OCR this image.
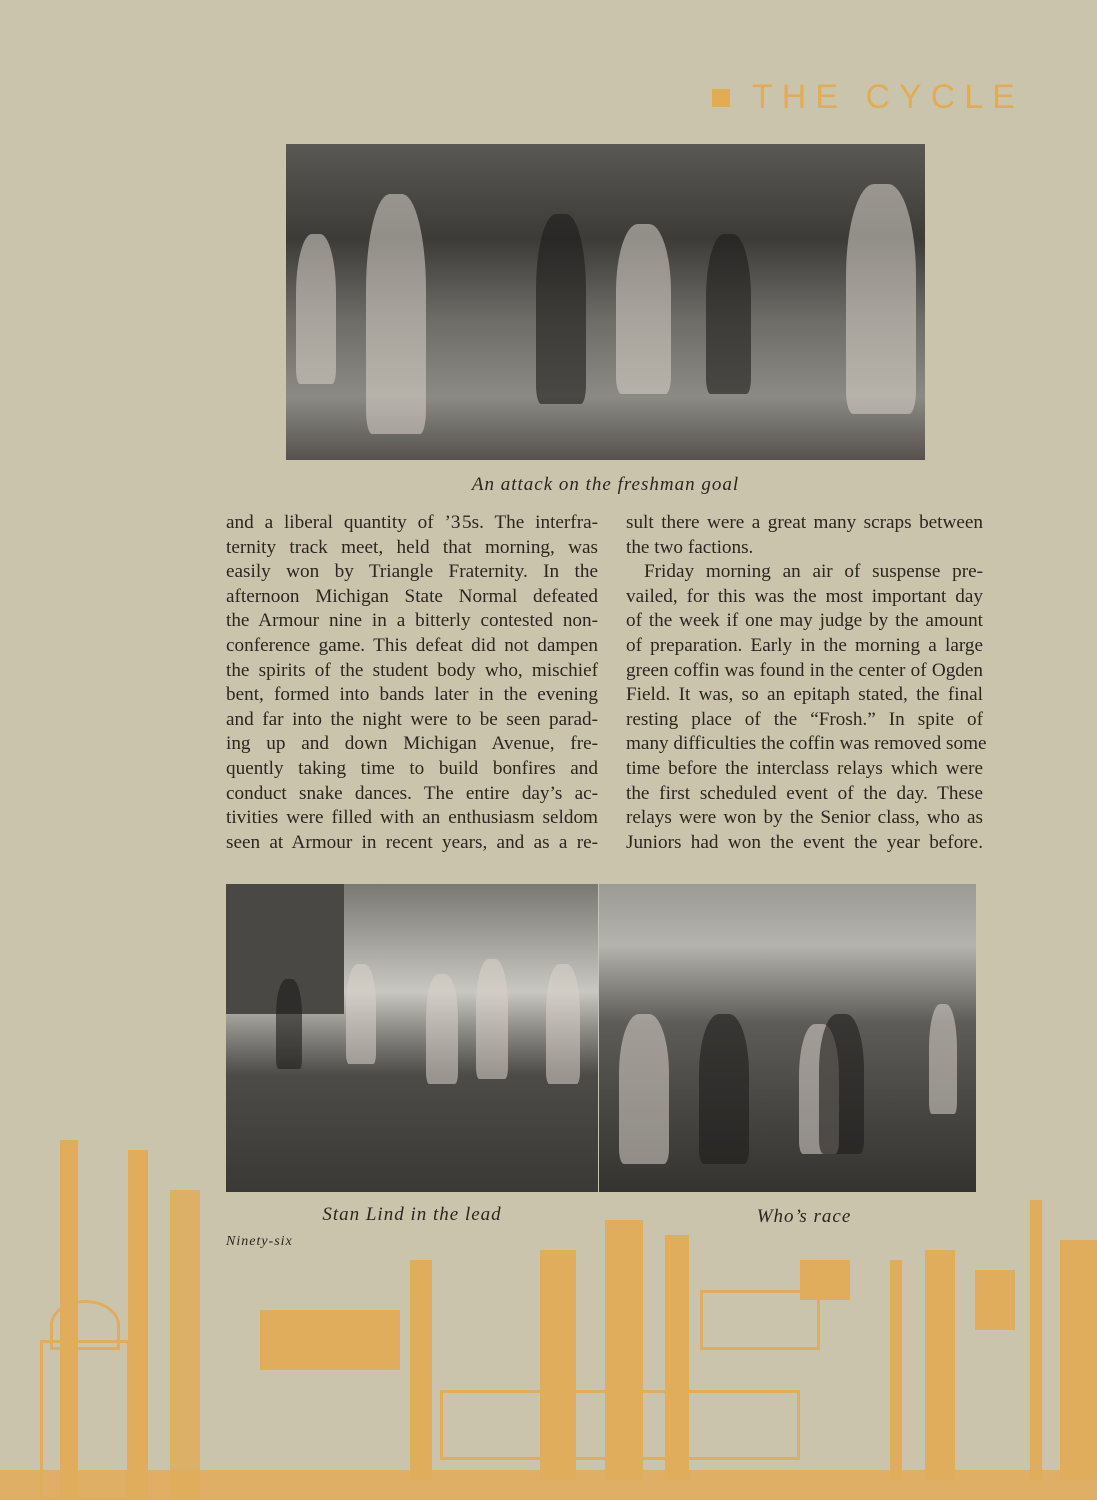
THE CYCLE
An attack on the freshman goal
and a liberal quantity of ’3 5s. The interfra-
ternity track meet, held that morning, was
easily won by Triangle Fraternity. In the
afternoon Michigan State Normal defeated
the Armour nine in a bitterly contested non-
conference game. This defeat did not dampen
the spirits of the student body who, mischief
bent, formed into bands later in the evening
and far into the night were to be seen parad-
ing up and down Michigan Avenue, fre-
quently taking time to build bonfires and
conduct snake dances. The entire day’s ac-
tivities were filled with an enthusiasm seldom
seen at Armour in recent years, and as a re-
sult there were a great many scraps between
the two factions.
Friday morning an air of suspense pre-
vailed, for this was the most important day
of the week if one may judge by the amount
of preparation. Early in the morning a large
green coffin was found in the center of Ogden
Field. It was, so an epitaph stated, the final
resting place of the “Frosh.” In spite of
many difficulties the coffin was removed some
time before the interclass relays which were
the first scheduled event of the day. These
relays were won by the Senior class, who as
Juniors had won the event the year before.
Stan Lind in the lead	Who’s race
Ninety-six
